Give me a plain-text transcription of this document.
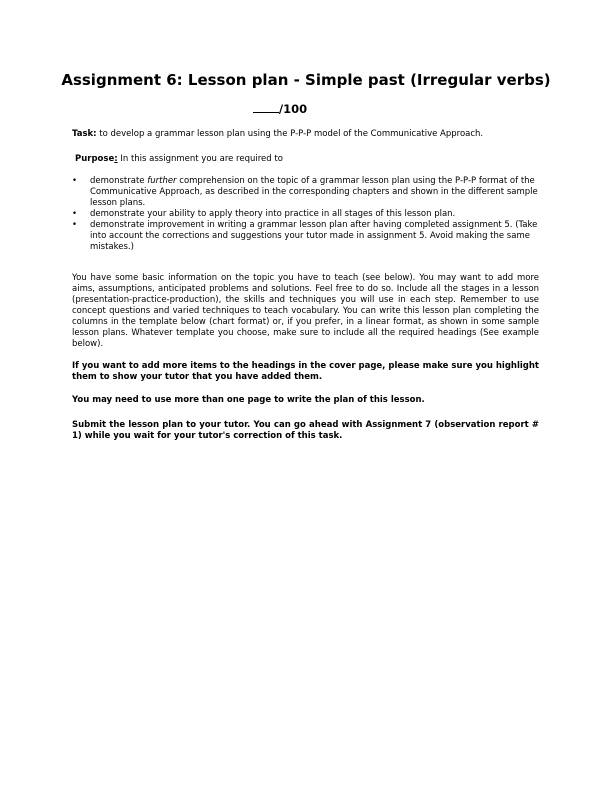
Assignment 6: Lesson plan - Simple past (Irregular verbs)
/100
Task: to develop a grammar lesson plan using the P-P-P model of the Communicative Approach.
Purpose: In this assignment you are required to
• demonstrate further comprehension on the topic of a grammar lesson plan using the P-P-P format of the Communicative Approach, as described in the corresponding chapters and shown in the different sample lesson plans.
• demonstrate your ability to apply theory into practice in all stages of this lesson plan.
• demonstrate improvement in writing a grammar lesson plan after having completed assignment 5. (Take into account the corrections and suggestions your tutor made in assignment 5. Avoid making the same mistakes.)
You have some basic information on the topic you have to teach (see below). You may want to add more aims, assumptions, anticipated problems and solutions. Feel free to do so. Include all the stages in a lesson (presentation-practice-production), the skills and techniques you will use in each step. Remember to use concept questions and varied techniques to teach vocabulary. You can write this lesson plan completing the columns in the template below (chart format) or, if you prefer, in a linear format, as shown in some sample lesson plans. Whatever template you choose, make sure to include all the required headings (See example below).
If you want to add more items to the headings in the cover page, please make sure you highlight them to show your tutor that you have added them.
You may need to use more than one page to write the plan of this lesson.
Submit the lesson plan to your tutor. You can go ahead with Assignment 7 (observation report # 1) while you wait for your tutor's correction of this task.
